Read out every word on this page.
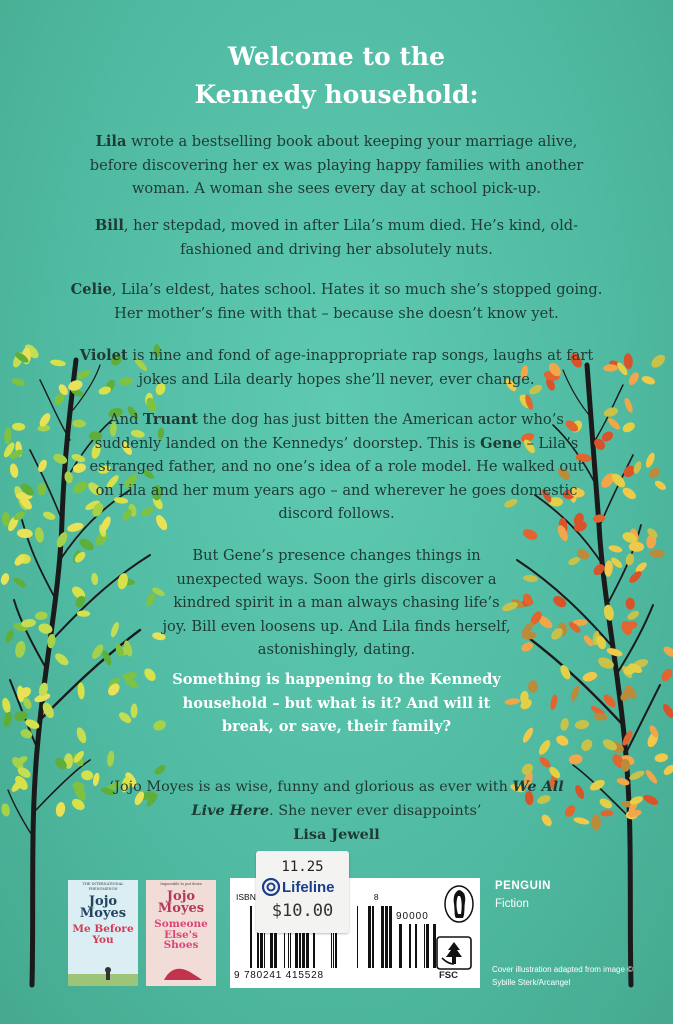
Welcome to the
Kennedy household:

Lila wrote a bestselling book about keeping your marriage alive, before discovering her ex was playing happy families with another woman. A woman she sees every day at school pick-up.

Bill, her stepdad, moved in after Lila’s mum died. He’s kind, old-fashioned and driving her absolutely nuts.

Celie, Lila’s eldest, hates school. Hates it so much she’s stopped going. Her mother’s fine with that – because she doesn’t know yet.

Violet is nine and fond of age-inappropriate rap songs, laughs at fart jokes and Lila dearly hopes she’ll never, ever change.

And Truant the dog has just bitten the American actor who’s suddenly landed on the Kennedys’ doorstep. This is Gene – Lila’s estranged father, and no one’s idea of a role model. He walked out on Lila and her mum years ago – and wherever he goes domestic discord follows.

But Gene’s presence changes things in unexpected ways. Soon the girls discover a kindred spirit in a man always chasing life’s joy. Bill even loosens up. And Lila finds herself, astonishingly, dating.

Something is happening to the Kennedy household – but what is it? And will it break, or save, their family?

‘Jojo Moyes is as wise, funny and glorious as ever with We All Live Here. She never ever disappoints’
Lisa Jewell
THE INTERNATIONAL PHENOMENON
Jojo Moyes
Me Before You
Impossible to put down
Jojo Moyes
Someone Else's Shoes
ISBN	8
90000
9 780241 415528	FSC
11.25
Lifeline
$10.00
PENGUIN
Fiction
Cover illustration adapted from image © Sybille Sterk/Arcangel
